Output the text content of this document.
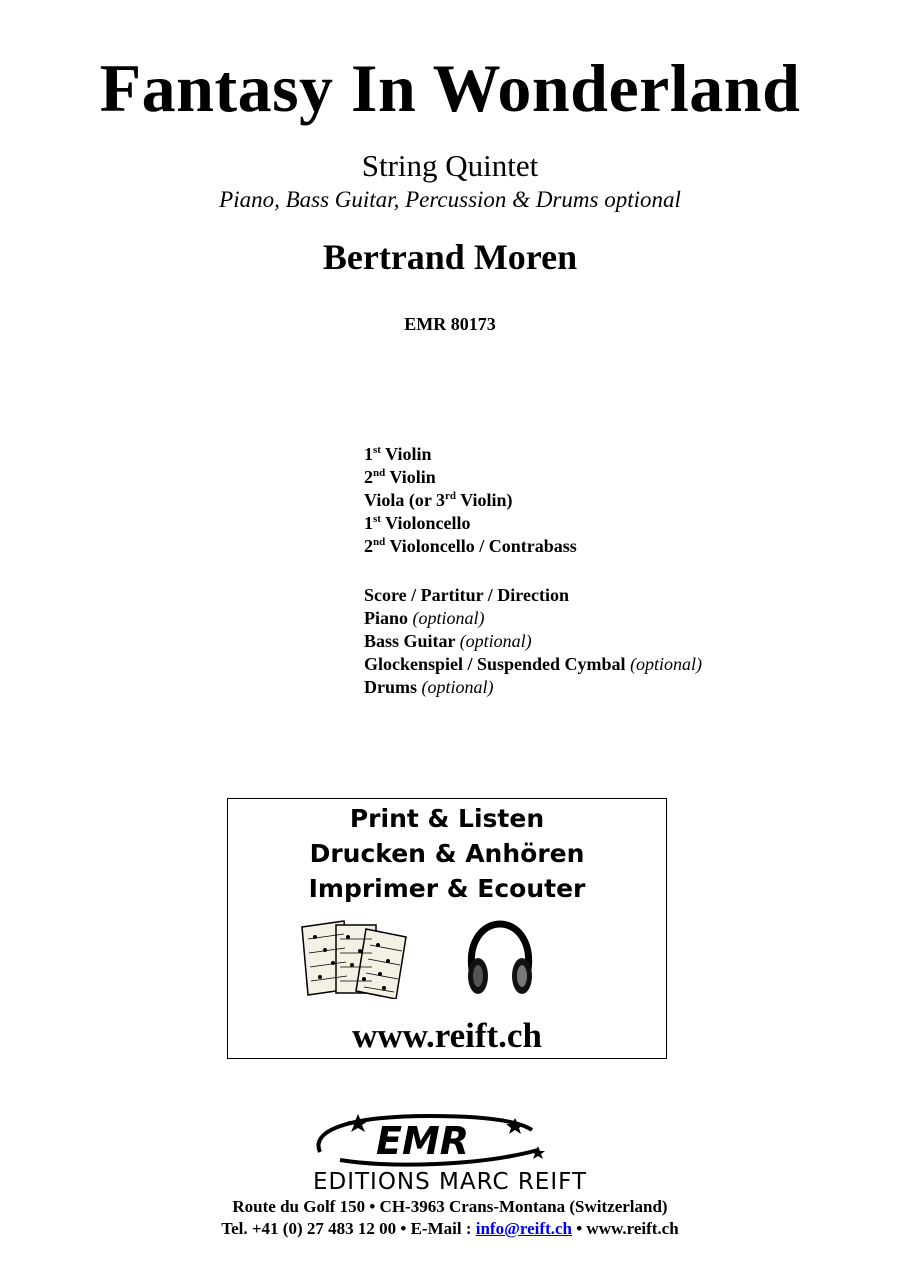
Fantasy In Wonderland
String Quintet
Piano, Bass Guitar, Percussion & Drums optional
Bertrand Moren
EMR 80173
1st Violin
2nd Violin
Viola (or 3rd Violin)
1st Violoncello
2nd Violoncello / Contrabass
Score / Partitur / Direction
Piano (optional)
Bass Guitar (optional)
Glockenspiel / Suspended Cymbal (optional)
Drums (optional)
Print & Listen
Drucken & Anhören
Imprimer & Ecouter
www.reift.ch
EMR
EDITIONS MARC REIFT
Route du Golf 150 • CH-3963 Crans-Montana (Switzerland)
Tel. +41 (0) 27 483 12 00 • E-Mail : info@reift.ch • www.reift.ch
